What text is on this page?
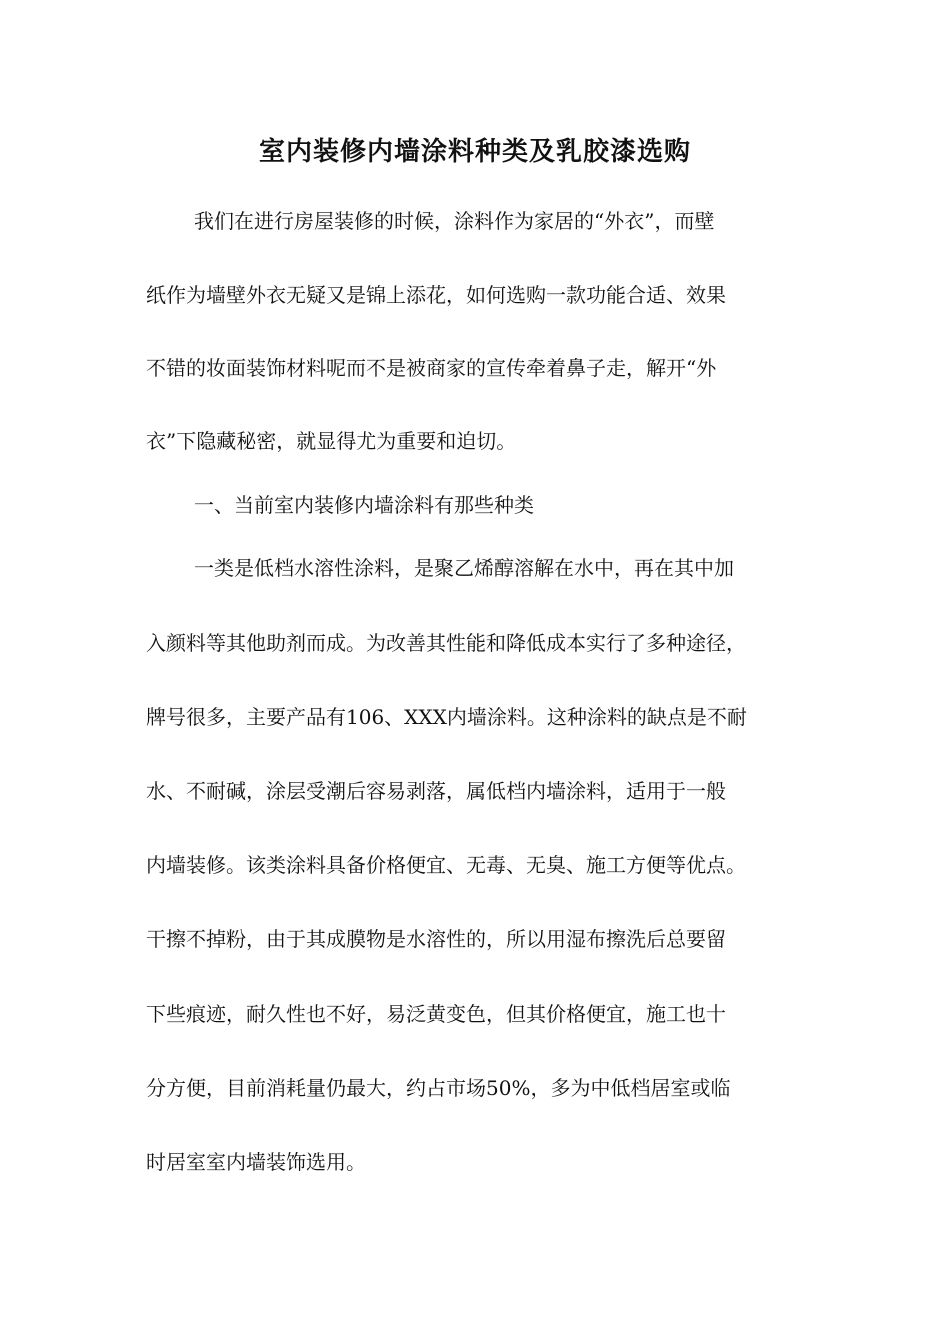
室内装修内墙涂料种类及乳胶漆选购
我们在进行房屋装修的时候，涂料作为家居的“外衣”，而壁
纸作为墙壁外衣无疑又是锦上添花，如何选购一款功能合适、效果
不错的妆面装饰材料呢而不是被商家的宣传牵着鼻子走，解开“外
衣”下隐藏秘密，就显得尤为重要和迫切。
一、当前室内装修内墙涂料有那些种类
一类是低档水溶性涂料，是聚乙烯醇溶解在水中，再在其中加
入颜料等其他助剂而成。为改善其性能和降低成本实行了多种途径，
牌号很多，主要产品有106、XXX内墙涂料。这种涂料的缺点是不耐
水、不耐碱，涂层受潮后容易剥落，属低档内墙涂料，适用于一般
内墙装修。该类涂料具备价格便宜、无毒、无臭、施工方便等优点。
干擦不掉粉，由于其成膜物是水溶性的，所以用湿布擦洗后总要留
下些痕迹，耐久性也不好，易泛黄变色，但其价格便宜，施工也十
分方便，目前消耗量仍最大，约占市场50%，多为中低档居室或临
时居室室内墙装饰选用。
